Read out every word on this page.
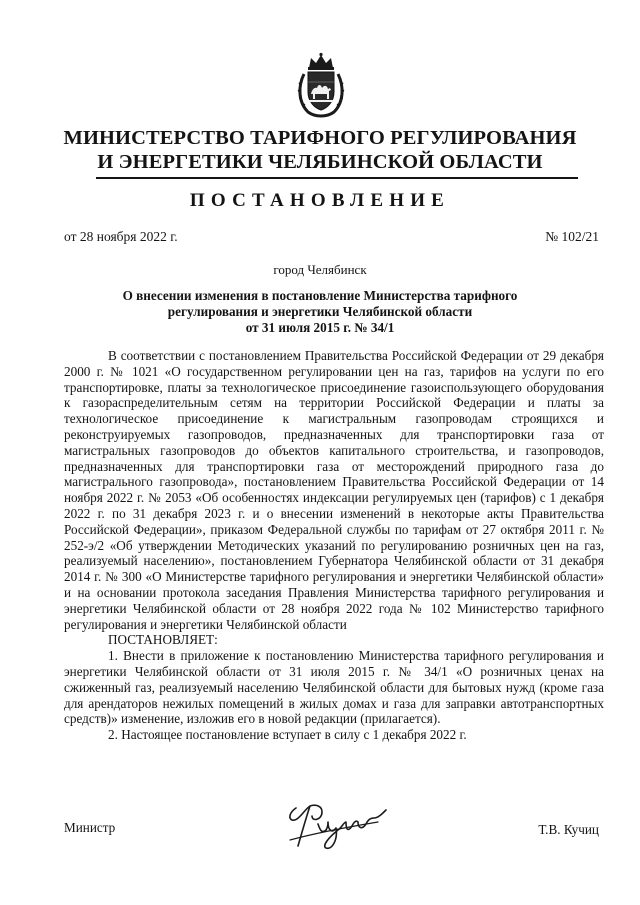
МИНИСТЕРСТВО ТАРИФНОГО РЕГУЛИРОВАНИЯ
И ЭНЕРГЕТИКИ ЧЕЛЯБИНСКОЙ ОБЛАСТИ
ПОСТАНОВЛЕНИЕ
от 28 ноября 2022 г.	№ 102/21
город Челябинск
О внесении изменения в постановление Министерства тарифного
регулирования и энергетики Челябинской области
от 31 июля 2015 г. № 34/1

В соответствии с постановлением Правительства Российской Федерации от 29 декабря 2000 г. № 1021 «О государственном регулировании цен на газ, тарифов на услуги по его транспортировке, платы за технологическое присоединение газоиспользующего оборудования к газораспределительным сетям на территории Российской Федерации и платы за технологическое присоединение к магистральным газопроводам строящихся и реконструируемых газопроводов, предназначенных для транспортировки газа от магистральных газопроводов до объектов капитального строительства, и газопроводов, предназначенных для транспортировки газа от месторождений природного газа до магистрального газопровода», постановлением Правительства Российской Федерации от 14 ноября 2022 г. № 2053 «Об особенностях индексации регулируемых цен (тарифов) с 1 декабря 2022 г. по 31 декабря 2023 г. и о внесении изменений в некоторые акты Правительства Российской Федерации», приказом Федеральной службы по тарифам от 27 октября 2011 г. № 252-э/2 «Об утверждении Методических указаний по регулированию розничных цен на газ, реализуемый населению», постановлением Губернатора Челябинской области от 31 декабря 2014 г. № 300 «О Министерстве тарифного регулирования и энергетики Челябинской области» и на основании протокола заседания Правления Министерства тарифного регулирования и энергетики Челябинской области от 28 ноября 2022 года № 102 Министерство тарифного регулирования и энергетики Челябинской области

ПОСТАНОВЛЯЕТ:

1. Внести в приложение к постановлению Министерства тарифного регулирования и энергетики Челябинской области от 31 июля 2015 г. № 34/1 «О розничных ценах на сжиженный газ, реализуемый населению Челябинской области для бытовых нужд (кроме газа для арендаторов нежилых помещений в жилых домах и газа для заправки автотранспортных средств)» изменение, изложив его в новой редакции (прилагается).

2. Настоящее постановление вступает в силу с 1 декабря 2022 г.

Министр	Т.В. Кучиц
